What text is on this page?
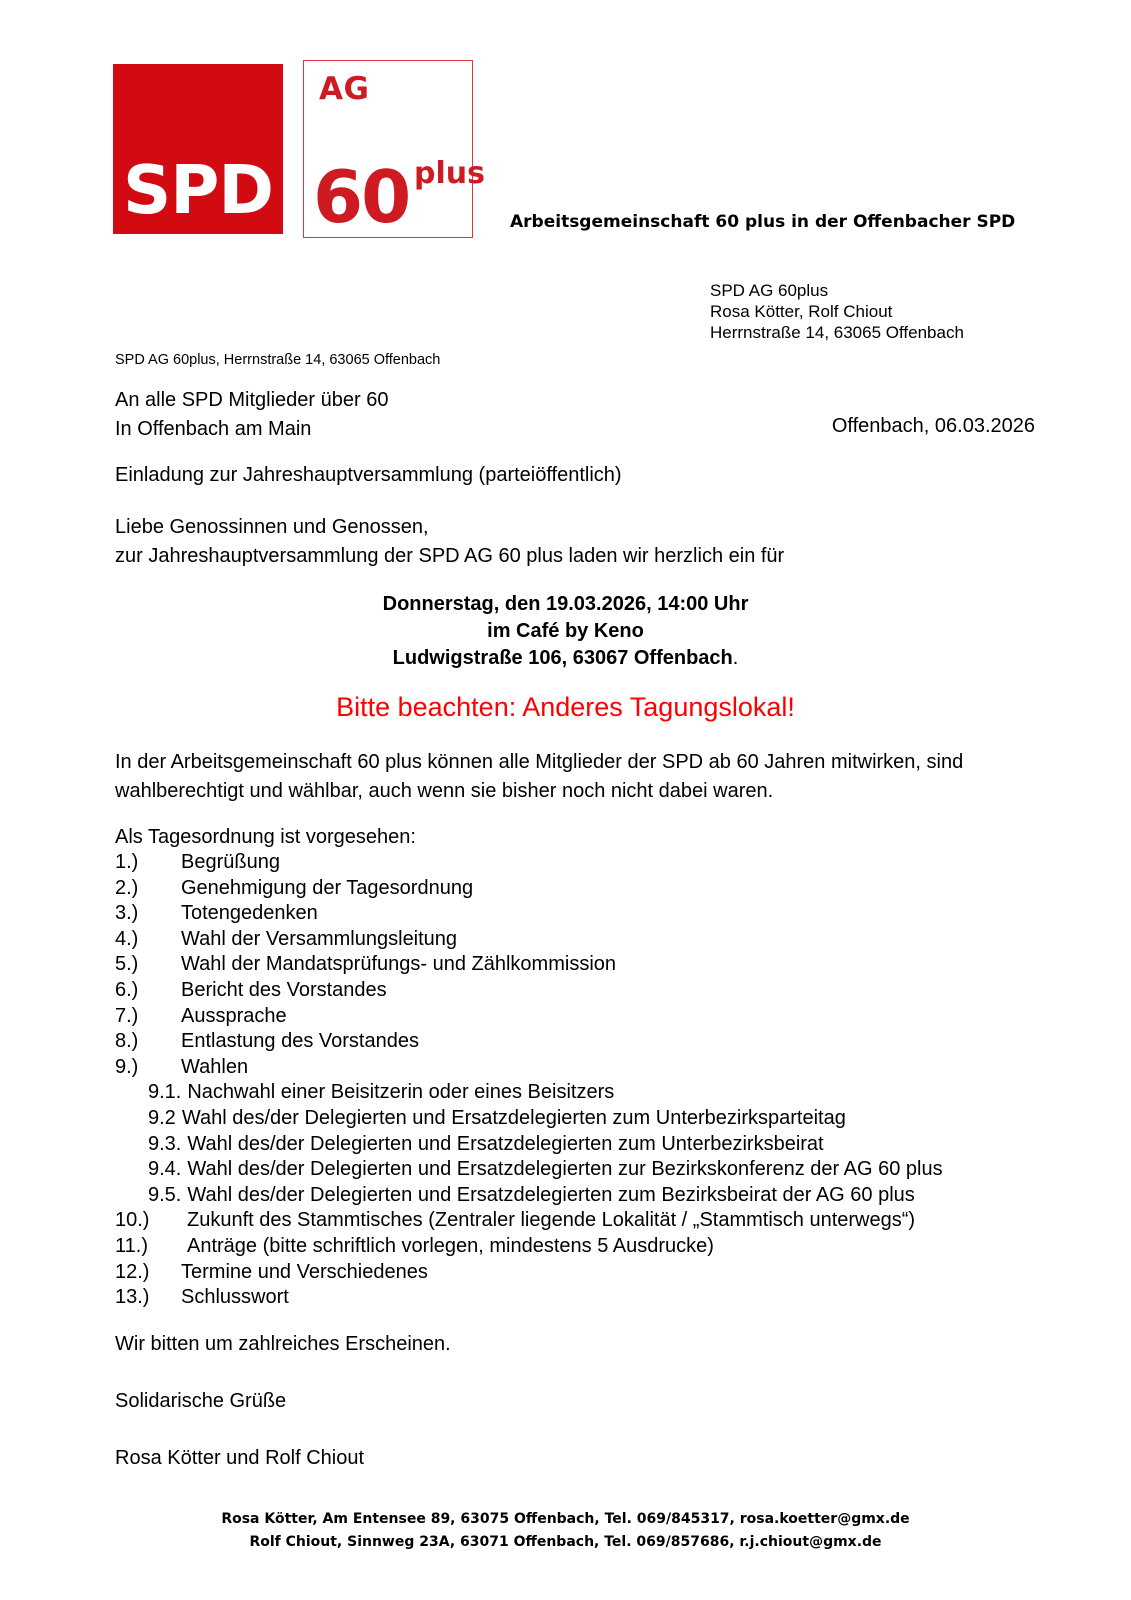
SPD
AG
60 plus
Arbeitsgemeinschaft 60 plus in der Offenbacher SPD
SPD AG 60plus
Rosa Kötter, Rolf Chiout
Herrnstraße 14, 63065 Offenbach
SPD AG 60plus, Herrnstraße 14, 63065 Offenbach
An alle SPD Mitglieder über 60
In Offenbach am Main	Offenbach, 06.03.2026
Einladung zur Jahreshauptversammlung (parteiöffentlich)
Liebe Genossinnen und Genossen,
zur Jahreshauptversammlung der SPD AG 60 plus laden wir herzlich ein für
Donnerstag, den 19.03.2026, 14:00 Uhr
im Café by Keno
Ludwigstraße 106, 63067 Offenbach.
Bitte beachten: Anderes Tagungslokal!
In der Arbeitsgemeinschaft 60 plus können alle Mitglieder der SPD ab 60 Jahren mitwirken, sind wahlberechtigt und wählbar, auch wenn sie bisher noch nicht dabei waren.
Als Tagesordnung ist vorgesehen:
1.)	Begrüßung
2.)	Genehmigung der Tagesordnung
3.)	Totengedenken
4.)	Wahl der Versammlungsleitung
5.)	Wahl der Mandatsprüfungs- und Zählkommission
6.)	Bericht des Vorstandes
7.)	Aussprache
8.)	Entlastung des Vorstandes
9.)	Wahlen
9.1. Nachwahl einer Beisitzerin oder eines Beisitzers
9.2 Wahl des/der Delegierten und Ersatzdelegierten zum Unterbezirksparteitag
9.3. Wahl des/der Delegierten und Ersatzdelegierten zum Unterbezirksbeirat
9.4. Wahl des/der Delegierten und Ersatzdelegierten zur Bezirkskonferenz der AG 60 plus
9.5. Wahl des/der Delegierten und Ersatzdelegierten zum Bezirksbeirat der AG 60 plus
10.)	Zukunft des Stammtisches (Zentraler liegende Lokalität / „Stammtisch unterwegs“)
11.)	Anträge (bitte schriftlich vorlegen, mindestens 5 Ausdrucke)
12.)	Termine und Verschiedenes
13.)	Schlusswort
Wir bitten um zahlreiches Erscheinen.
Solidarische Grüße
Rosa Kötter und Rolf Chiout
Rosa Kötter, Am Entensee 89, 63075 Offenbach, Tel. 069/845317, rosa.koetter@gmx.de
Rolf Chiout, Sinnweg 23A, 63071 Offenbach, Tel. 069/857686, r.j.chiout@gmx.de
